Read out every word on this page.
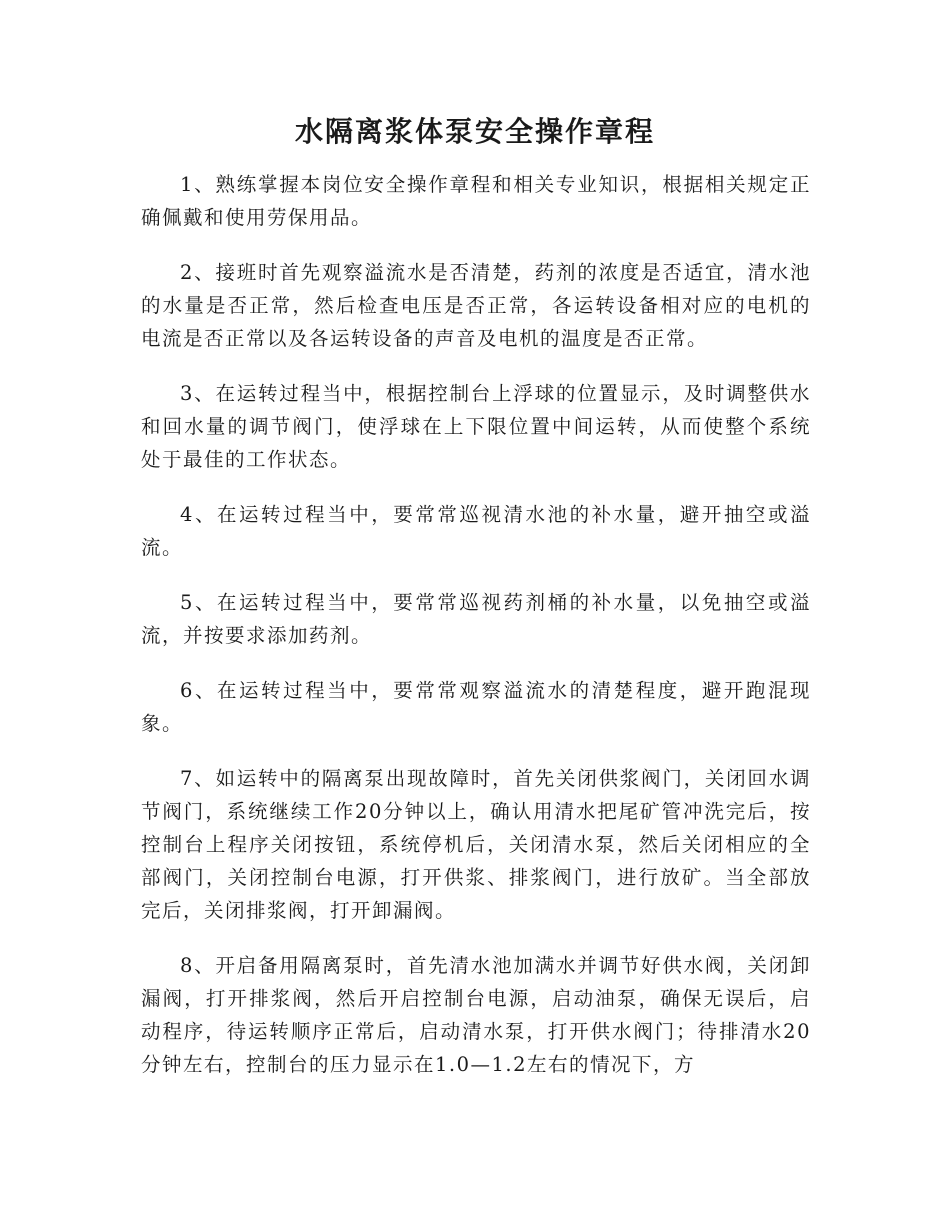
水隔离浆体泵安全操作章程

1、熟练掌握本岗位安全操作章程和相关专业知识，根据相关规定正确佩戴和使用劳保用品。

2、接班时首先观察溢流水是否清楚，药剂的浓度是否适宜，清水池的水量是否正常，然后检查电压是否正常，各运转设备相对应的电机的电流是否正常以及各运转设备的声音及电机的温度是否正常。

3、在运转过程当中，根据控制台上浮球的位置显示，及时调整供水和回水量的调节阀门，使浮球在上下限位置中间运转，从而使整个系统处于最佳的工作状态。

4、在运转过程当中，要常常巡视清水池的补水量，避开抽空或溢流。

5、在运转过程当中，要常常巡视药剂桶的补水量，以免抽空或溢流，并按要求添加药剂。

6、在运转过程当中，要常常观察溢流水的清楚程度，避开跑混现象。

7、如运转中的隔离泵出现故障时，首先关闭供浆阀门，关闭回水调节阀门，系统继续工作20分钟以上，确认用清水把尾矿管冲洗完后，按控制台上程序关闭按钮，系统停机后，关闭清水泵，然后关闭相应的全部阀门，关闭控制台电源，打开供浆、排浆阀门，进行放矿。当全部放完后，关闭排浆阀，打开卸漏阀。

8、开启备用隔离泵时，首先清水池加满水并调节好供水阀，关闭卸漏阀，打开排浆阀，然后开启控制台电源，启动油泵，确保无误后，启动程序，待运转顺序正常后，启动清水泵，打开供水阀门；待排清水20分钟左右，控制台的压力显示在1.0—1.2左右的情况下，方
